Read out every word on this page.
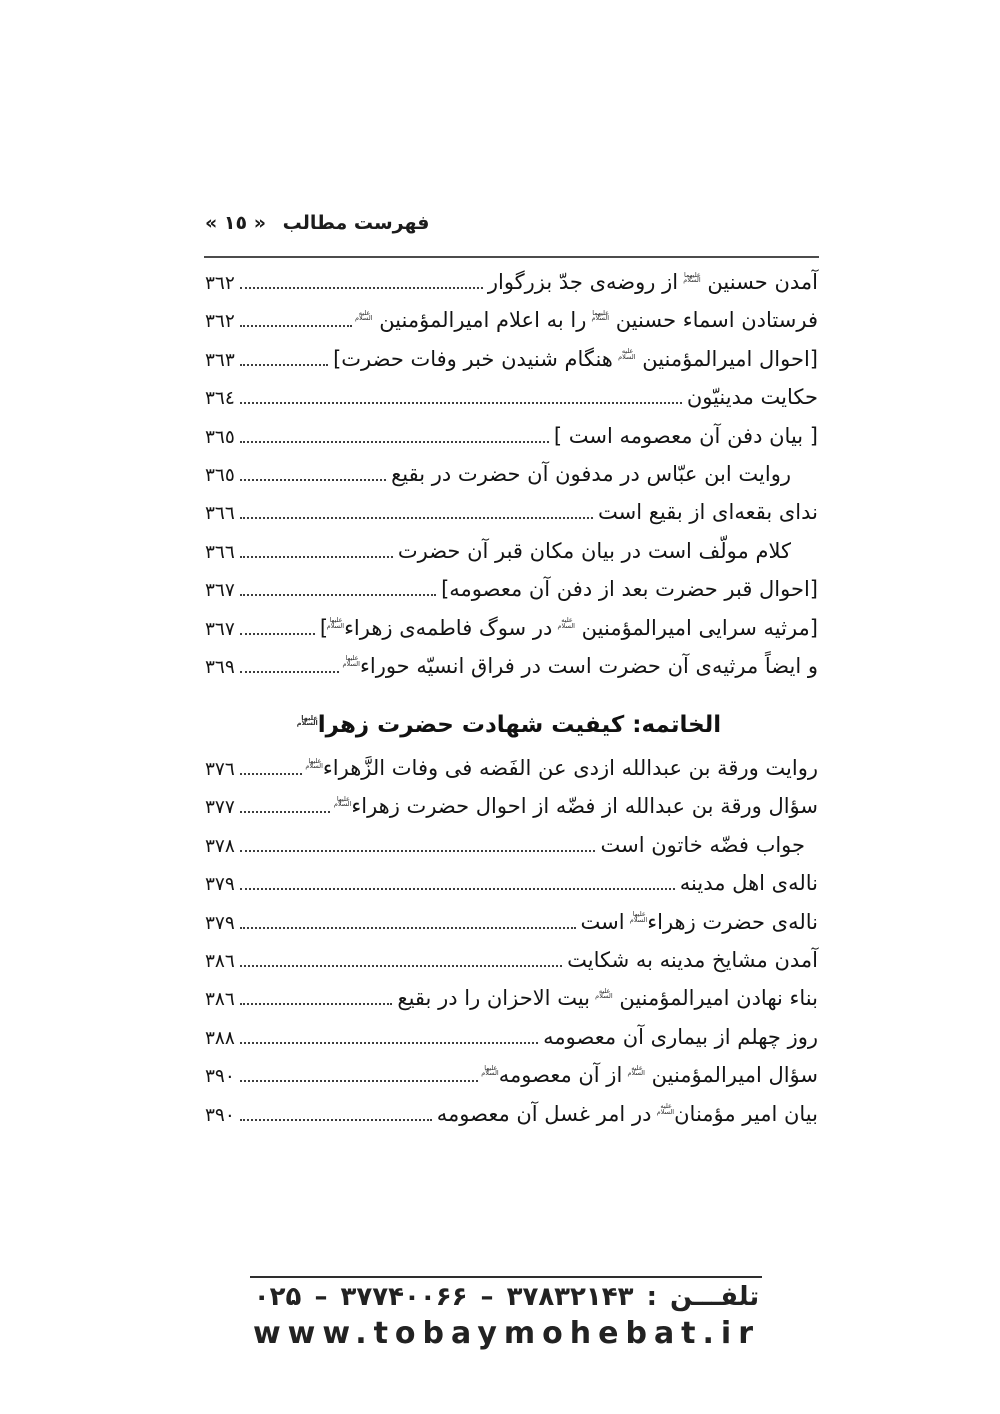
فهرست مطالب « ١٥ »
آمدن حسنین علیهما السلام از روضه‌ی جدّ بزرگوار
٣٦٢
فرستادن اسماء حسنین علیهما السلام را به اعلام امیرالمؤمنین علیه السلام
٣٦٢
[احوال امیرالمؤمنین علیه السلام هنگام شنیدن خبر وفات حضرت]
٣٦٣
حکایت مدینیّون
٣٦٤
[ بیان دفن آن معصومه است ]
٣٦٥
روایت ابن عبّاس در مدفون آن حضرت در بقیع
٣٦٥
ندای بقعه‌ای از بقیع است
٣٦٦
کلام مولّف است در بیان مکان قبر آن حضرت
٣٦٦
[احوال قبر حضرت بعد از دفن آن معصومه]
٣٦٧
[مرثیه سرایی امیرالمؤمنین علیه السلام در سوگ فاطمه‌ی زهراءعلیها السلام]
٣٦٧
و ایضاً مرثیه‌ی آن حضرت است در فراق انسیّه حوراءعلیها السلام
٣٦٩
الخاتمه: کیفیت شهادت حضرت زهراعلیها السلام
روایت ورقة بن عبدالله ازدی عن الفَضه فی وفات الزَّهراءعلیها السلام
٣٧٦
سؤال ورقة بن عبدالله از فضّه از احوال حضرت زهراءعلیها السلام
٣٧٧
جواب فضّه خاتون است
٣٧٨
ناله‌ی اهل مدینه
٣٧٩
ناله‌ی حضرت زهراءعلیها السلام است
٣٧٩
آمدن مشایخ مدینه به شکایت
٣٨٦
بناء نهادن امیرالمؤمنین علیه السلام بیت الاحزان را در بقیع
٣٨٦
روز چهلم از بیماری آن معصومه
٣٨٨
سؤال امیرالمؤمنین علیه السلام از آن معصومهعلیها السلام
٣٩٠
بیان امیر مؤمنانعلیه السلام در امر غسل آن معصومه
٣٩٠
تلفـــن : ۳۷۸۳۲۱۴۳ – ۳۷۷۴۰۰۶۶ – ۰۲۵
www.tobaymohebat.ir
